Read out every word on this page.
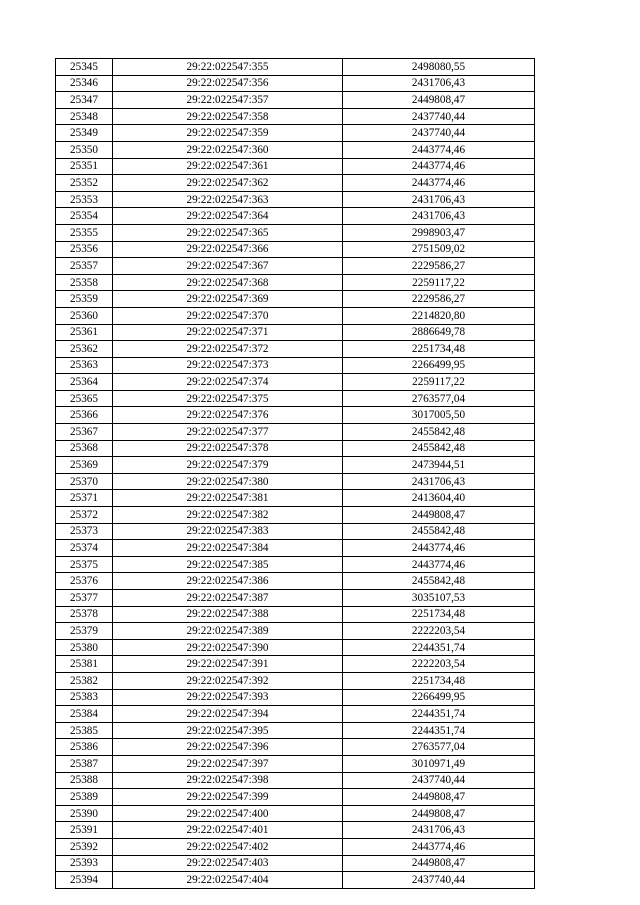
25345	29:22:022547:355	2498080,55
25346	29:22:022547:356	2431706,43
25347	29:22:022547:357	2449808,47
25348	29:22:022547:358	2437740,44
25349	29:22:022547:359	2437740,44
25350	29:22:022547:360	2443774,46
25351	29:22:022547:361	2443774,46
25352	29:22:022547:362	2443774,46
25353	29:22:022547:363	2431706,43
25354	29:22:022547:364	2431706,43
25355	29:22:022547:365	2998903,47
25356	29:22:022547:366	2751509,02
25357	29:22:022547:367	2229586,27
25358	29:22:022547:368	2259117,22
25359	29:22:022547:369	2229586,27
25360	29:22:022547:370	2214820,80
25361	29:22:022547:371	2886649,78
25362	29:22:022547:372	2251734,48
25363	29:22:022547:373	2266499,95
25364	29:22:022547:374	2259117,22
25365	29:22:022547:375	2763577,04
25366	29:22:022547:376	3017005,50
25367	29:22:022547:377	2455842,48
25368	29:22:022547:378	2455842,48
25369	29:22:022547:379	2473944,51
25370	29:22:022547:380	2431706,43
25371	29:22:022547:381	2413604,40
25372	29:22:022547:382	2449808,47
25373	29:22:022547:383	2455842,48
25374	29:22:022547:384	2443774,46
25375	29:22:022547:385	2443774,46
25376	29:22:022547:386	2455842,48
25377	29:22:022547:387	3035107,53
25378	29:22:022547:388	2251734,48
25379	29:22:022547:389	2222203,54
25380	29:22:022547:390	2244351,74
25381	29:22:022547:391	2222203,54
25382	29:22:022547:392	2251734,48
25383	29:22:022547:393	2266499,95
25384	29:22:022547:394	2244351,74
25385	29:22:022547:395	2244351,74
25386	29:22:022547:396	2763577,04
25387	29:22:022547:397	3010971,49
25388	29:22:022547:398	2437740,44
25389	29:22:022547:399	2449808,47
25390	29:22:022547:400	2449808,47
25391	29:22:022547:401	2431706,43
25392	29:22:022547:402	2443774,46
25393	29:22:022547:403	2449808,47
25394	29:22:022547:404	2437740,44
